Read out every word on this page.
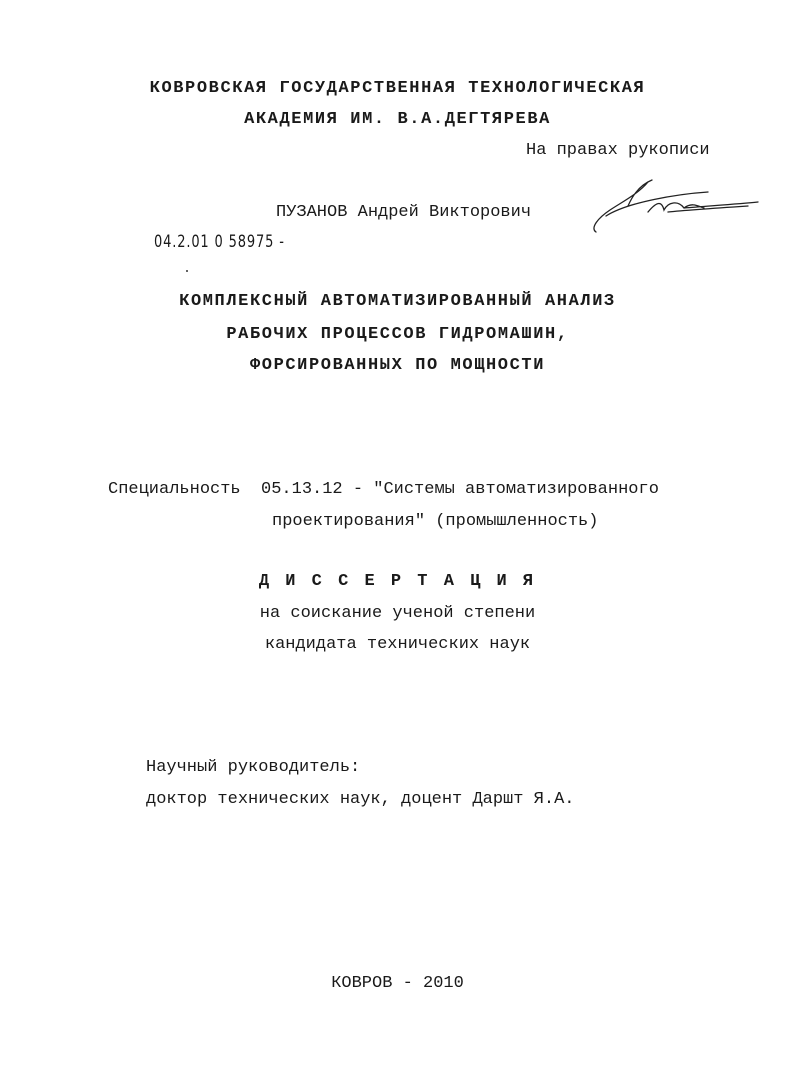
КОВРОВСКАЯ ГОСУДАРСТВЕННАЯ ТЕХНОЛОГИЧЕСКАЯ
АКАДЕМИЯ ИМ. В.А.ДЕГТЯРЕВА
На правах рукописи
ПУЗАНОВ Андрей Викторович
04.2.01 0 58975 -
КОМПЛЕКСНЫЙ АВТОМАТИЗИРОВАННЫЙ АНАЛИЗ
РАБОЧИХ ПРОЦЕССОВ ГИДРОМАШИН,
ФОРСИРОВАННЫХ ПО МОЩНОСТИ
Специальность  05.13.12 - "Системы автоматизированного
проектирования" (промышленность)
Д И С С Е Р Т А Ц И Я
на соискание ученой степени
кандидата технических наук
Научный руководитель:
доктор технических наук, доцент Даршт Я.А.
КОВРОВ - 2010
